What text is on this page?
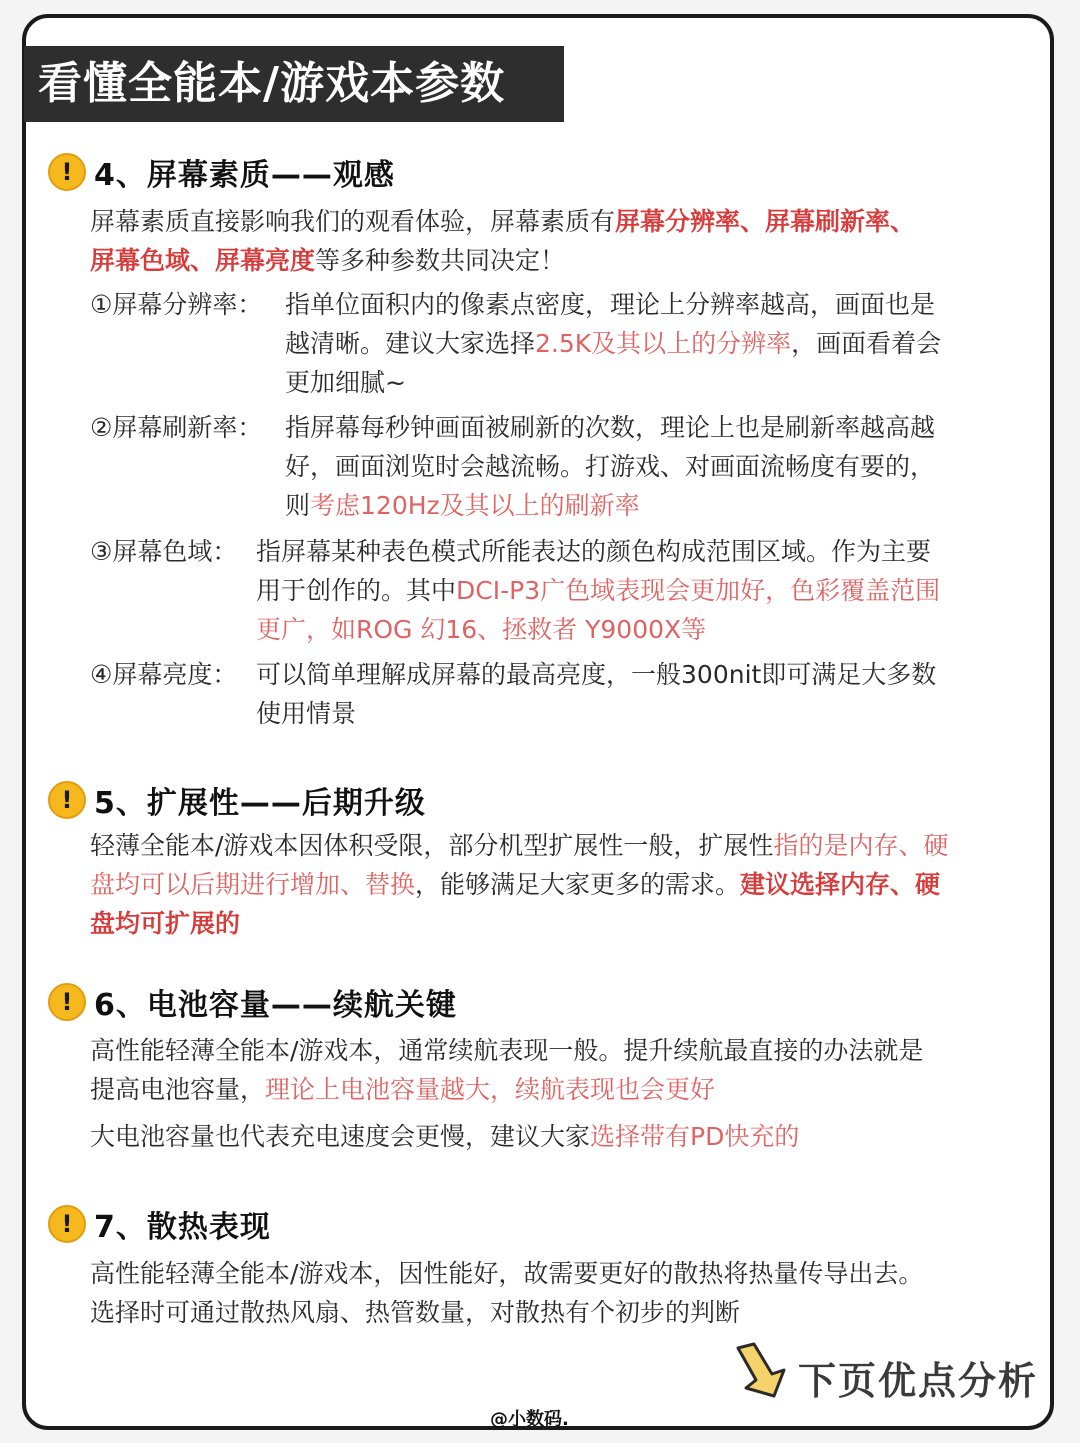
看懂全能本/游戏本参数
! 4、屏幕素质——观感
屏幕素质直接影响我们的观看体验，屏幕素质有屏幕分辨率、屏幕刷新率、
屏幕色域、屏幕亮度等多种参数共同决定！
①屏幕分辨率： 指单位面积内的像素点密度，理论上分辨率越高，画面也是
越清晰。建议大家选择2.5K及其以上的分辨率，画面看着会
更加细腻~
②屏幕刷新率： 指屏幕每秒钟画面被刷新的次数，理论上也是刷新率越高越
好，画面浏览时会越流畅。打游戏、对画面流畅度有要的，
则考虑120Hz及其以上的刷新率
③屏幕色域： 指屏幕某种表色模式所能表达的颜色构成范围区域。作为主要
用于创作的。其中DCI-P3广色域表现会更加好，色彩覆盖范围
更广，如ROG 幻16、拯救者 Y9000X等
④屏幕亮度： 可以简单理解成屏幕的最高亮度，一般300nit即可满足大多数
使用情景
! 5、扩展性——后期升级
轻薄全能本/游戏本因体积受限，部分机型扩展性一般，扩展性指的是内存、硬
盘均可以后期进行增加、替换，能够满足大家更多的需求。建议选择内存、硬
盘均可扩展的
! 6、电池容量——续航关键
高性能轻薄全能本/游戏本，通常续航表现一般。提升续航最直接的办法就是
提高电池容量，理论上电池容量越大，续航表现也会更好
大电池容量也代表充电速度会更慢，建议大家选择带有PD快充的
! 7、散热表现
高性能轻薄全能本/游戏本，因性能好，故需要更好的散热将热量传导出去。
选择时可通过散热风扇、热管数量，对散热有个初步的判断
下页优点分析
@小数码.
